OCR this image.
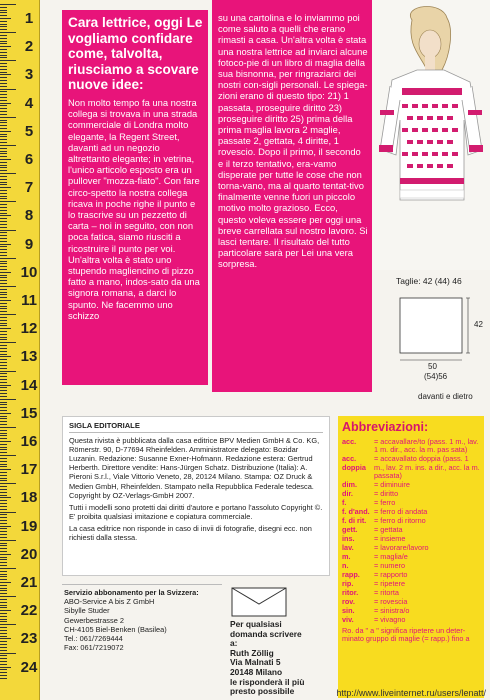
1
2
3
4
5
6
7
8
9
10
11
12
13
14
15
16
17
18
19
20
21
22
23
24
Cara lettrice, oggi Le vogliamo confidare come, talvolta, riusciamo a scovare nuove idee:

Non molto tempo fa una nostra collega si trovava in una strada commerciale di Londra molto elegante, la Regent Street, davanti ad un negozio altrettanto elegante; in vetrina, l'unico articolo esposto era un pullover "mozza-fiato". Con fare circo-spetto la nostra collega ricava in poche righe il punto e lo trascrive su un pezzetto di carta – noi in seguito, con non poca fatica, siamo riusciti a ricostruire il punto per voi. Un'altra volta è stato uno stupendo magliencino di pizzo fatto a mano, indos-sato da una signora romana, a darci lo spunto. Ne facemmo uno schizzo

su una cartolina e lo inviammo poi come saluto a quelli che erano rimasti a casa. Un'altra volta è stata una nostra lettrice ad inviarci alcune fotoco-pie di un libro di maglia della sua bisnonna, per ringraziarci dei nostri con-sigli personali. Le spiega-zioni erano di questo tipo: 21) 1 passata, proseguire diritto 23) proseguire diritto 25) prima della prima maglia lavora 2 maglie, passate 2, gettata, 4 diritte, 1 rovescio. Dopo il primo, il secondo e il terzo tentativo, era-vamo disperate per tutte le cose che non torna-vano, ma al quarto tentat-tivo finalmente venne fuori un piccolo motivo molto grazioso. Ecco, questo voleva essere per oggi una breve carrellata sul nostro lavoro. Si lasci tentare. Il risultato del tutto particolare sarà per Lei una vera sorpresa.

Taglie: 42 (44) 46
50
(54)56
42
davanti e dietro
SIGLA EDITORIALE

Questa rivista è pubblicata dalla casa editrice BPV Medien GmbH & Co. KG, Römerstr. 90, D-77694 Rheinfelden. Amministratore delegato: Bozidar Luzanin. Redazione: Susanne Exner-Hofmann. Redazione estera: Gertrud Herberth. Direttore vendite: Hans-Jürgen Schatz. Distribuzione (Italia): A. Pieroni S.r.l., Viale Vittorio Veneto, 28, 20124 Milano. Stampa: OZ Druck & Medien GmbH, Rheinfelden. Stampato nella Repubblica Federale tedesca. Copyright by OZ-Verlags-GmbH 2007.

Tutti i modelli sono protetti dai diritti d'autore e portano l'assoluto Copyright ©. E' proibita qualsiasi imitazione e copiatura commerciale.

La casa editrice non risponde in caso di invii di fotografie, disegni ecc. non richiesti dalla stessa.

Servizio abbonamento per la Svizzera:
ABO-Service A bis Z GmbH
Sibylle Studer
Gewerbestrasse 2
CH-4105 Biel-Benken (Basilea)
Tel.: 061/7269444
Fax: 061/7219072
Per qualsiasi
domanda scrivere
a:
Ruth Zöllig
Via Malnati 5
20148 Milano
le risponderà il più
presto possibile
Abbreviazioni:
acc.	= accavallare/to (pass. 1 m., lav. 1 m. dir., acc. la m. pas sata)
acc. doppia
= accavallato doppia (pass. 1 m., lav. 2 m. ins. a dir., acc. la m. passata)
dim.	= diminuire
dir.	= diritto
f.	= ferro
f. d'and. = ferro di andata
f. di rit.	= ferro di ritorno
gett.	= gettata
ins.	= insieme
lav.	= lavorare/lavoro
m.	= maglia/e
n.	= numero
rapp.	= rapporto
rip.	= ripetere
ritor.	= ritorta
rov.	= rovescia
sin.	= sinistra/o
viv.	= vivagno
Ro. da " a " significa ripetere un deter-minato gruppo di maglie (= rapp.) fino a
http://www.liveinternet.ru/users/lenatt/
